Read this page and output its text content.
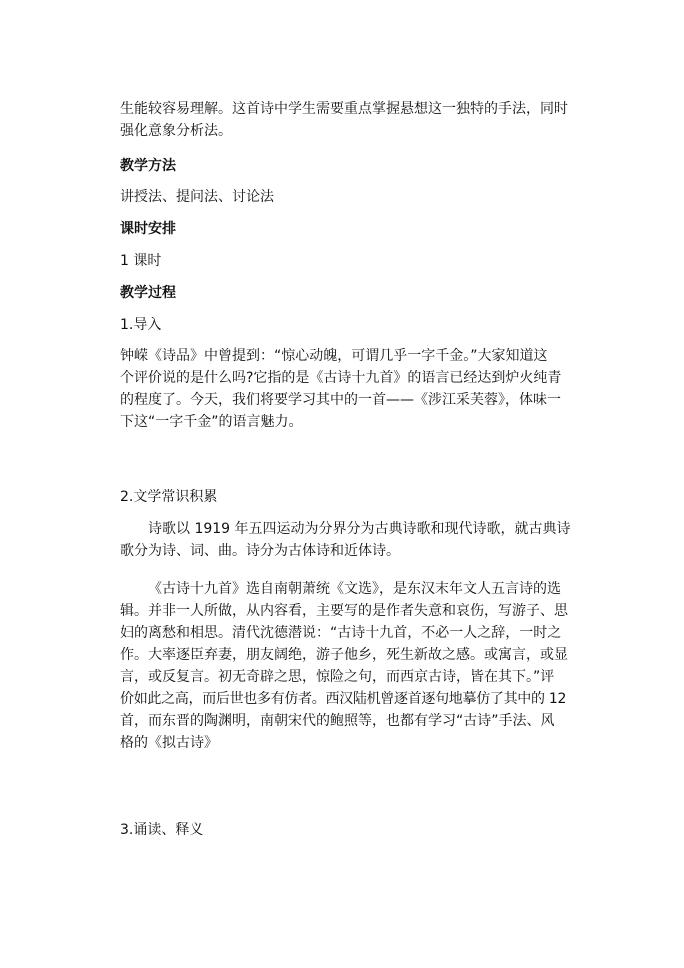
生能较容易理解。这首诗中学生需要重点掌握悬想这一独特的手法，同时
强化意象分析法。
教学方法
讲授法、提问法、讨论法
课时安排
1 课时
教学过程
1.导入
钟嵘《诗品》中曾提到：“惊心动魄，可谓几乎一字千金。”大家知道这
个评价说的是什么吗?它指的是《古诗十九首》的语言已经达到炉火纯青
的程度了。今天，我们将要学习其中的一首——《涉江采芙蓉》，体味一
下这“一字千金”的语言魅力。
2.文学常识积累
诗歌以 1919 年五四运动为分界分为古典诗歌和现代诗歌，就古典诗
歌分为诗、词、曲。诗分为古体诗和近体诗。
《古诗十九首》选自南朝萧统《文选》，是东汉末年文人五言诗的选
辑。并非一人所做，从内容看，主要写的是作者失意和哀伤，写游子、思
妇的离愁和相思。清代沈德潜说：“古诗十九首，不必一人之辞，一时之
作。大率逐臣弃妻，朋友阔绝，游子他乡，死生新故之感。或寓言，或显
言，或反复言。初无奇辟之思，惊险之句，而西京古诗，皆在其下。”评
价如此之高，而后世也多有仿者。西汉陆机曾逐首逐句地摹仿了其中的 12
首，而东晋的陶渊明，南朝宋代的鲍照等，也都有学习“古诗”手法、风
格的《拟古诗》
3.诵读、释义
